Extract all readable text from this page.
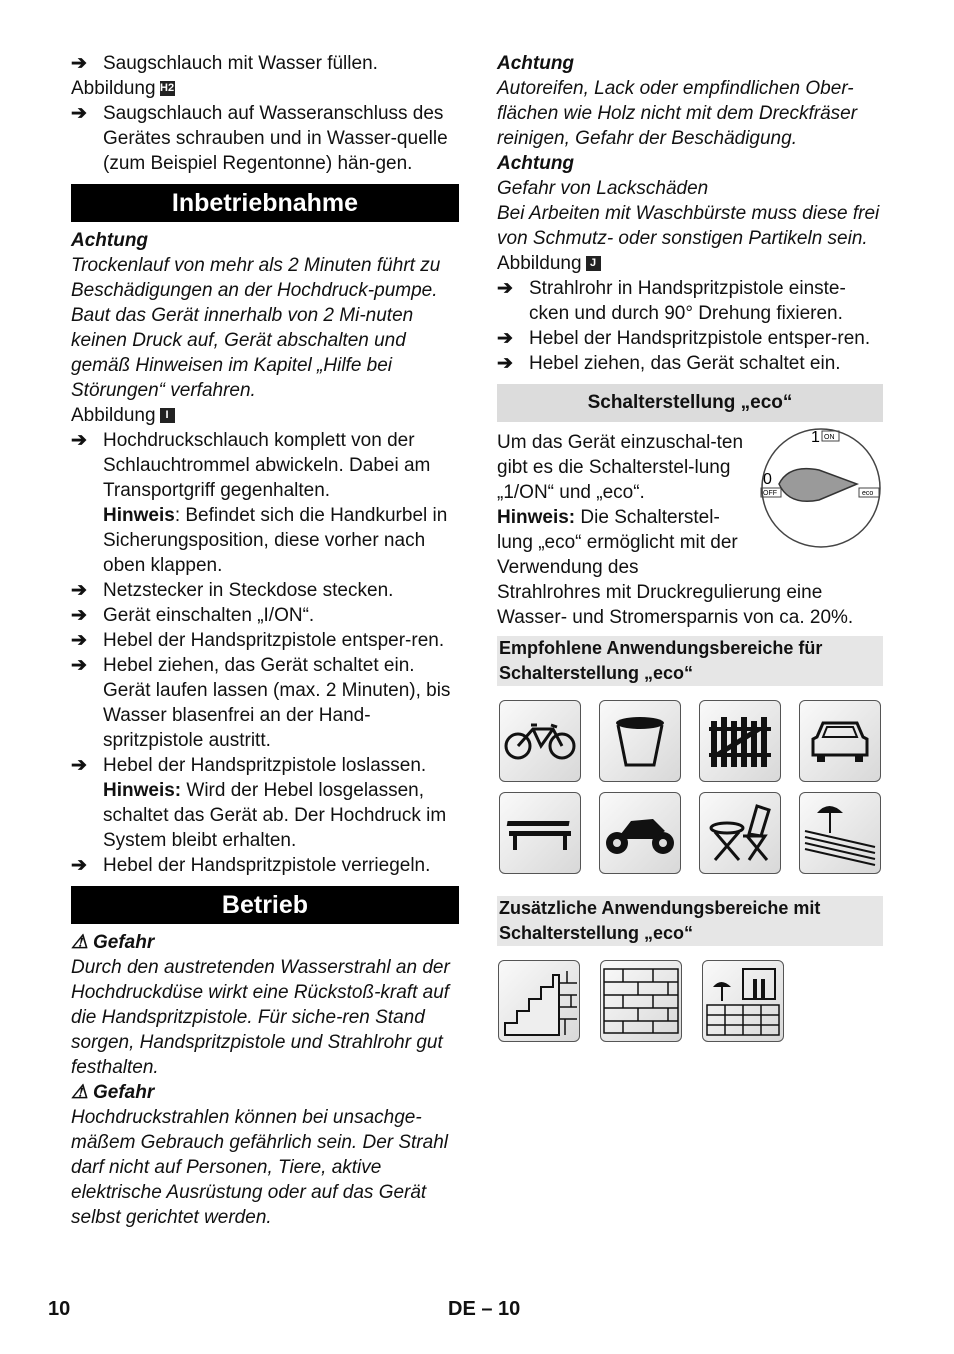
➔ Saugschlauch mit Wasser füllen.

Abbildung H2

➔ Saugschlauch auf Wasseranschluss des Gerätes schrauben und in Wasser-quelle (zum Beispiel Regentonne) hän-gen.
Inbetriebnahme

Achtung

Trockenlauf von mehr als 2 Minuten führt zu Beschädigungen an der Hochdruck-pumpe. Baut das Gerät innerhalb von 2 Mi-nuten keinen Druck auf, Gerät abschalten und gemäß Hinweisen im Kapitel „Hilfe bei Störungen“ verfahren.

Abbildung I

➔ Hochdruckschlauch komplett von der Schlauchtrommel abwickeln. Dabei am Transportgriff gegenhalten.
Hinweis: Befindet sich die Handkurbel in Sicherungsposition, diese vorher nach oben klappen.
➔ Netzstecker in Steckdose stecken.
➔ Gerät einschalten „I/ON“.
➔ Hebel der Handspritzpistole entsper-ren.
➔ Hebel ziehen, das Gerät schaltet ein. Gerät laufen lassen (max. 2 Minuten), bis Wasser blasenfrei an der Hand-spritzpistole austritt.
➔ Hebel der Handspritzpistole loslassen.
Hinweis: Wird der Hebel losgelassen, schaltet das Gerät ab. Der Hochdruck im System bleibt erhalten.
➔ Hebel der Handspritzpistole verriegeln.
Betrieb

⚠ Gefahr

Durch den austretenden Wasserstrahl an der Hochdruckdüse wirkt eine Rückstoß-kraft auf die Handspritzpistole. Für siche-ren Stand sorgen, Handspritzpistole und Strahlrohr gut festhalten.

⚠ Gefahr

Hochdruckstrahlen können bei unsachge-mäßem Gebrauch gefährlich sein. Der Strahl darf nicht auf Personen, Tiere, aktive elektrische Ausrüstung oder auf das Gerät selbst gerichtet werden.

Achtung

Autoreifen, Lack oder empfindlichen Ober-flächen wie Holz nicht mit dem Dreckfräser reinigen, Gefahr der Beschädigung.

Achtung

Gefahr von Lackschäden

Bei Arbeiten mit Waschbürste muss diese frei von Schmutz- oder sonstigen Partikeln sein.

Abbildung J

➔ Strahlrohr in Handspritzpistole einste-cken und durch 90° Drehung fixieren.
➔ Hebel der Handspritzpistole entsper-ren.
➔ Hebel ziehen, das Gerät schaltet ein.
Schalterstellung „eco“

Um das Gerät einzuschal-ten gibt es die Schalterstel-lung „1/ON“ und „eco“.

Hinweis: Die Schalterstel-lung „eco“ ermöglicht mit der Verwendung des

1 ON
0
OFF	eco

Strahlrohres mit Druckregulierung eine Wasser- und Stromersparnis von ca. 20%.

Empfohlene Anwendungsbereiche für Schalterstellung „eco“
Zusätzliche Anwendungsbereiche mit Schalterstellung „eco“
10	DE – 10
